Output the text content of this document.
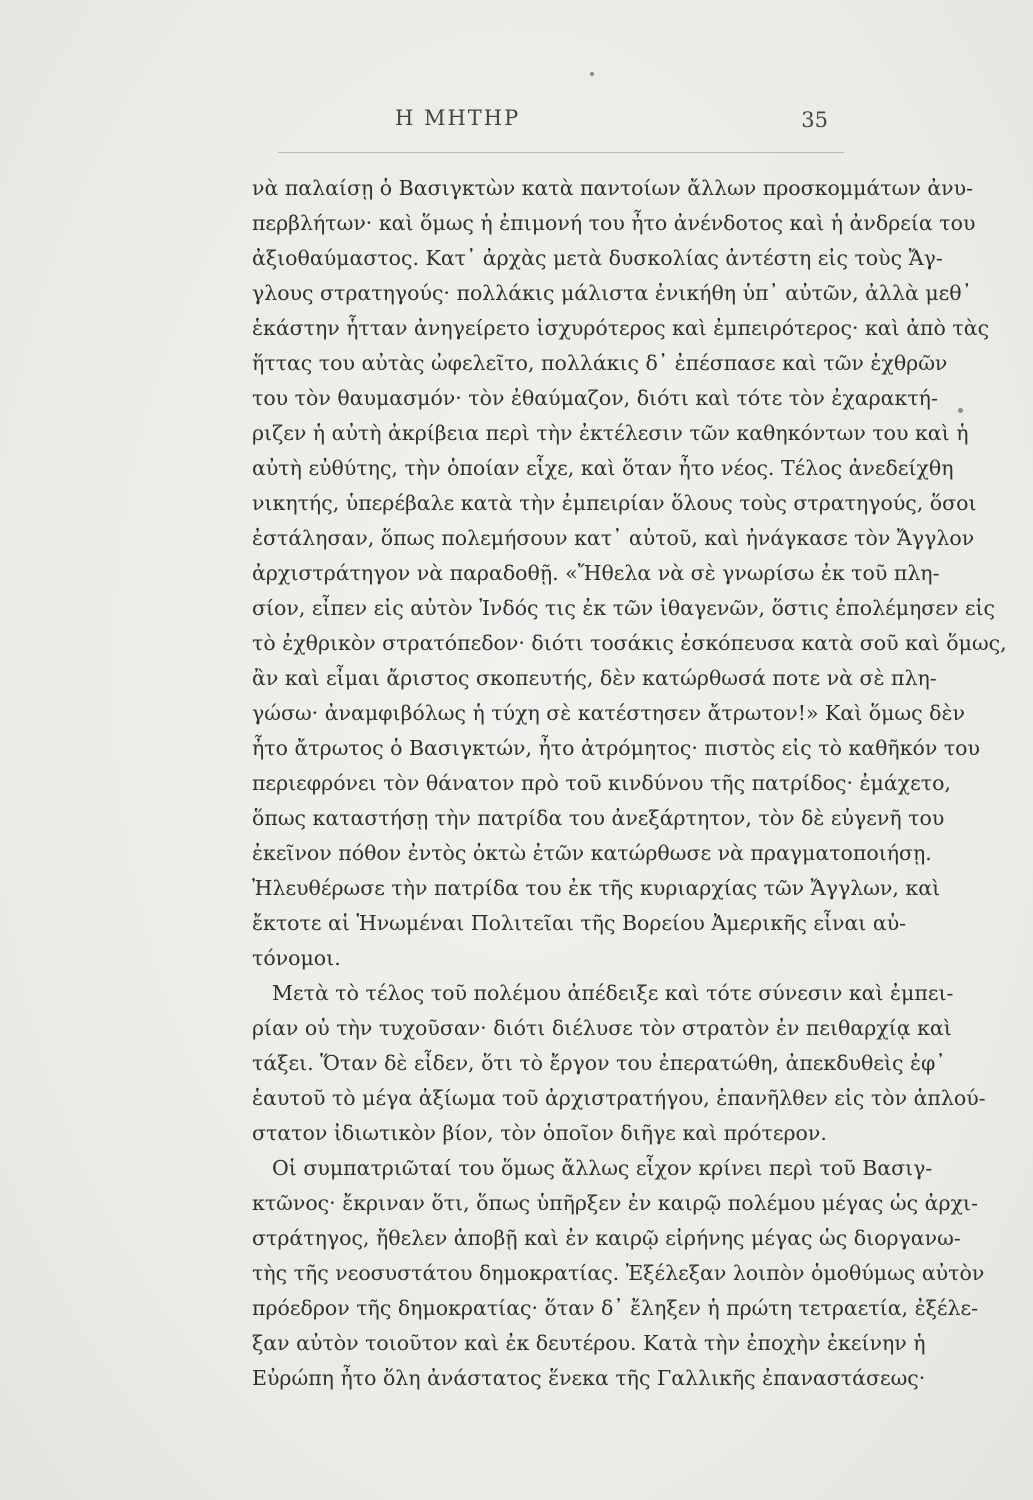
Η ΜΗΤΗΡ	35
νὰ παλαίσῃ ὁ Βασιγκτὼν κατὰ παντοίων ἄλλων προσκομμάτων ἀνυ-
περβλήτων· καὶ ὅμως ἡ ἐπιμονή του ἦτο ἀνένδοτος καὶ ἡ ἀνδρεία του
ἀξιοθαύμαστος. Κατ᾽ ἀρχὰς μετὰ δυσκολίας ἀντέστη εἰς τοὺς Ἄγ-
γλους στρατηγούς· πολλάκις μάλιστα ἐνικήθη ὑπ᾽ αὐτῶν, ἀλλὰ μεθ᾽
ἑκάστην ἧτταν ἀνηγείρετο ἰσχυρότερος καὶ ἐμπειρότερος· καὶ ἀπὸ τὰς
ἥττας του αὐτὰς ὠφελεῖτο, πολλάκις δ᾽ ἐπέσπασε καὶ τῶν ἐχθρῶν
του τὸν θαυμασμόν· τὸν ἐθαύμαζον, διότι καὶ τότε τὸν ἐχαρακτή-
ριζεν ἡ αὐτὴ ἀκρίβεια περὶ τὴν ἐκτέλεσιν τῶν καθηκόντων του καὶ ἡ
αὐτὴ εὐθύτης, τὴν ὁποίαν εἶχε, καὶ ὅταν ἦτο νέος. Τέλος ἀνεδείχθη
νικητής, ὑπερέβαλε κατὰ τὴν ἐμπειρίαν ὅλους τοὺς στρατηγούς, ὅσοι
ἐστάλησαν, ὅπως πολεμήσουν κατ᾽ αὐτοῦ, καὶ ἠνάγκασε τὸν Ἄγγλον
ἀρχιστράτηγον νὰ παραδοθῇ. «Ἤθελα νὰ σὲ γνωρίσω ἐκ τοῦ πλη-
σίον, εἶπεν εἰς αὐτὸν Ἰνδός τις ἐκ τῶν ἰθαγενῶν, ὅστις ἐπολέμησεν εἰς
τὸ ἐχθρικὸν στρατόπεδον· διότι τοσάκις ἐσκόπευσα κατὰ σοῦ καὶ ὅμως,
ἂν καὶ εἶμαι ἄριστος σκοπευτής, δὲν κατώρθωσά ποτε νὰ σὲ πλη-
γώσω· ἀναμφιβόλως ἡ τύχη σὲ κατέστησεν ἄτρωτον!» Καὶ ὅμως δὲν
ἦτο ἄτρωτος ὁ Βασιγκτών, ἦτο ἀτρόμητος· πιστὸς εἰς τὸ καθῆκόν του
περιεφρόνει τὸν θάνατον πρὸ τοῦ κινδύνου τῆς πατρίδος· ἐμάχετο,
ὅπως καταστήσῃ τὴν πατρίδα του ἀνεξάρτητον, τὸν δὲ εὐγενῆ του
ἐκεῖνον πόθον ἐντὸς ὀκτὼ ἐτῶν κατώρθωσε νὰ πραγματοποιήσῃ.
Ἠλευθέρωσε τὴν πατρίδα του ἐκ τῆς κυριαρχίας τῶν Ἄγγλων, καὶ
ἔκτοτε αἱ Ἡνωμέναι Πολιτεῖαι τῆς Βορείου Ἀμερικῆς εἶναι αὐ-
τόνομοι.
Μετὰ τὸ τέλος τοῦ πολέμου ἀπέδειξε καὶ τότε σύνεσιν καὶ ἐμπει-
ρίαν οὐ τὴν τυχοῦσαν· διότι διέλυσε τὸν στρατὸν ἐν πειθαρχίᾳ καὶ
τάξει. Ὅταν δὲ εἶδεν, ὅτι τὸ ἔργον του ἐπερατώθη, ἀπεκδυθεὶς ἐφ᾽
ἑαυτοῦ τὸ μέγα ἀξίωμα τοῦ ἀρχιστρατήγου, ἐπανῆλθεν εἰς τὸν ἁπλού-
στατον ἰδιωτικὸν βίον, τὸν ὁποῖον διῆγε καὶ πρότερον.
Οἱ συμπατριῶταί του ὅμως ἄλλως εἶχον κρίνει περὶ τοῦ Βασιγ-
κτῶνος· ἔκριναν ὅτι, ὅπως ὑπῆρξεν ἐν καιρῷ πολέμου μέγας ὡς ἀρχι-
στράτηγος, ἤθελεν ἀποβῇ καὶ ἐν καιρῷ εἰρήνης μέγας ὡς διοργανω-
τὴς τῆς νεοσυστάτου δημοκρατίας. Ἐξέλεξαν λοιπὸν ὁμοθύμως αὐτὸν
πρόεδρον τῆς δημοκρατίας· ὅταν δ᾽ ἔληξεν ἡ πρώτη τετραετία, ἐξέλε-
ξαν αὐτὸν τοιοῦτον καὶ ἐκ δευτέρου. Κατὰ τὴν ἐποχὴν ἐκείνην ἡ
Εὐρώπη ἦτο ὅλη ἀνάστατος ἕνεκα τῆς Γαλλικῆς ἐπαναστάσεως·
